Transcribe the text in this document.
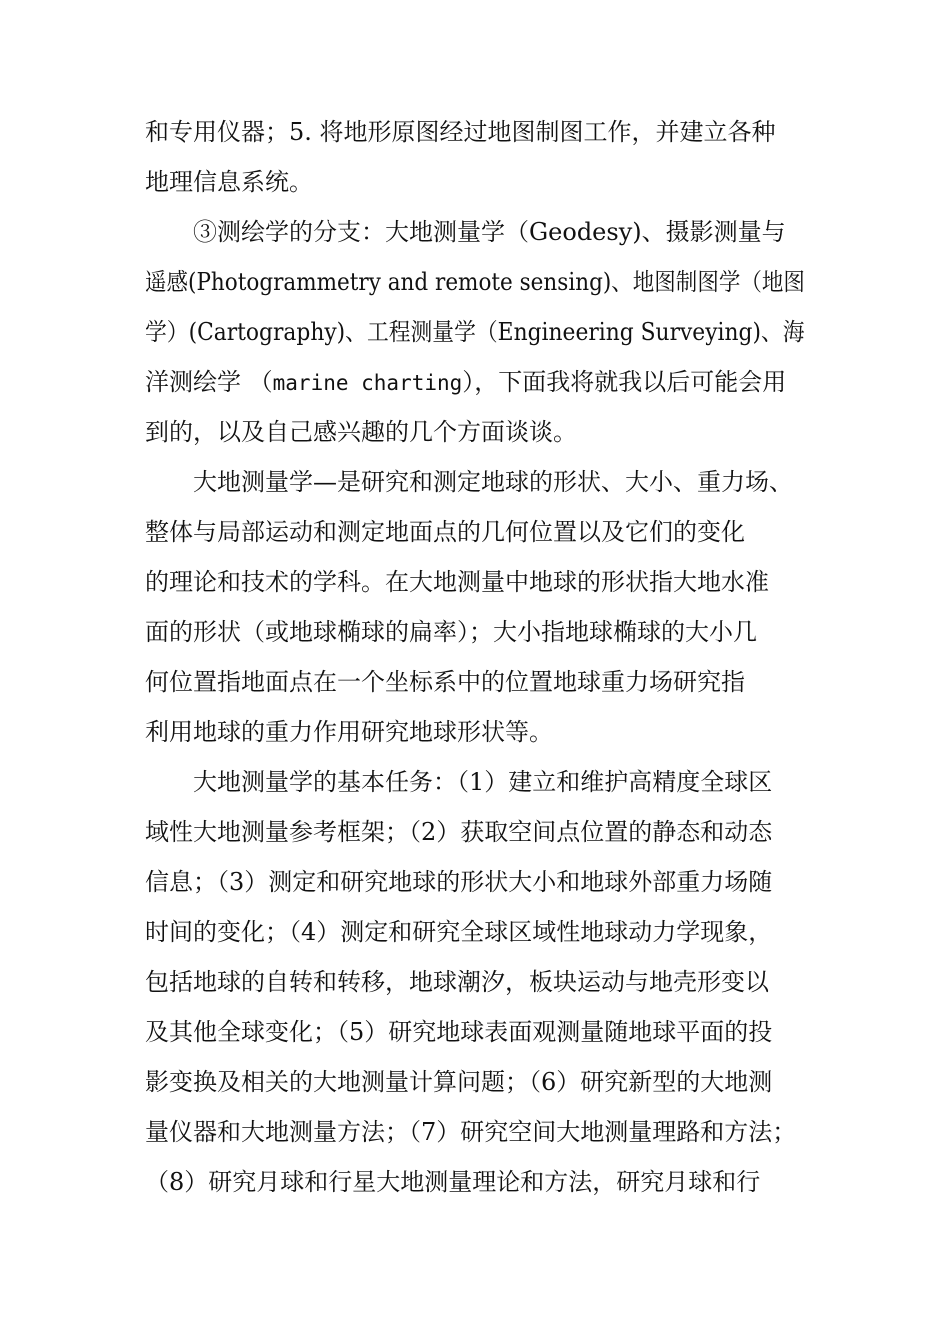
和专用仪器；5. 将地形原图经过地图制图工作，并建立各种
地理信息系统。
③测绘学的分支：大地测量学（Geodesy)、摄影测量与
遥感(Photogrammetry and remote sensing)、地图制图学（地图
学）(Cartography)、工程测量学（Engineering Surveying)、海
洋测绘学 （marine charting），下面我将就我以后可能会用
到的，以及自己感兴趣的几个方面谈谈。
大地测量学—是研究和测定地球的形状、大小、重力场、
整体与局部运动和测定地面点的几何位置以及它们的变化
的理论和技术的学科。在大地测量中地球的形状指大地水准
面的形状（或地球椭球的扁率）；大小指地球椭球的大小几
何位置指地面点在一个坐标系中的位置地球重力场研究指
利用地球的重力作用研究地球形状等。
大地测量学的基本任务：（1）建立和维护高精度全球区
域性大地测量参考框架；（2）获取空间点位置的静态和动态
信息；（3）测定和研究地球的形状大小和地球外部重力场随
时间的变化；（4）测定和研究全球区域性地球动力学现象，
包括地球的自转和转移，地球潮汐，板块运动与地壳形变以
及其他全球变化；（5）研究地球表面观测量随地球平面的投
影变换及相关的大地测量计算问题；（6）研究新型的大地测
量仪器和大地测量方法；（7）研究空间大地测量理路和方法；
（8）研究月球和行星大地测量理论和方法，研究月球和行
